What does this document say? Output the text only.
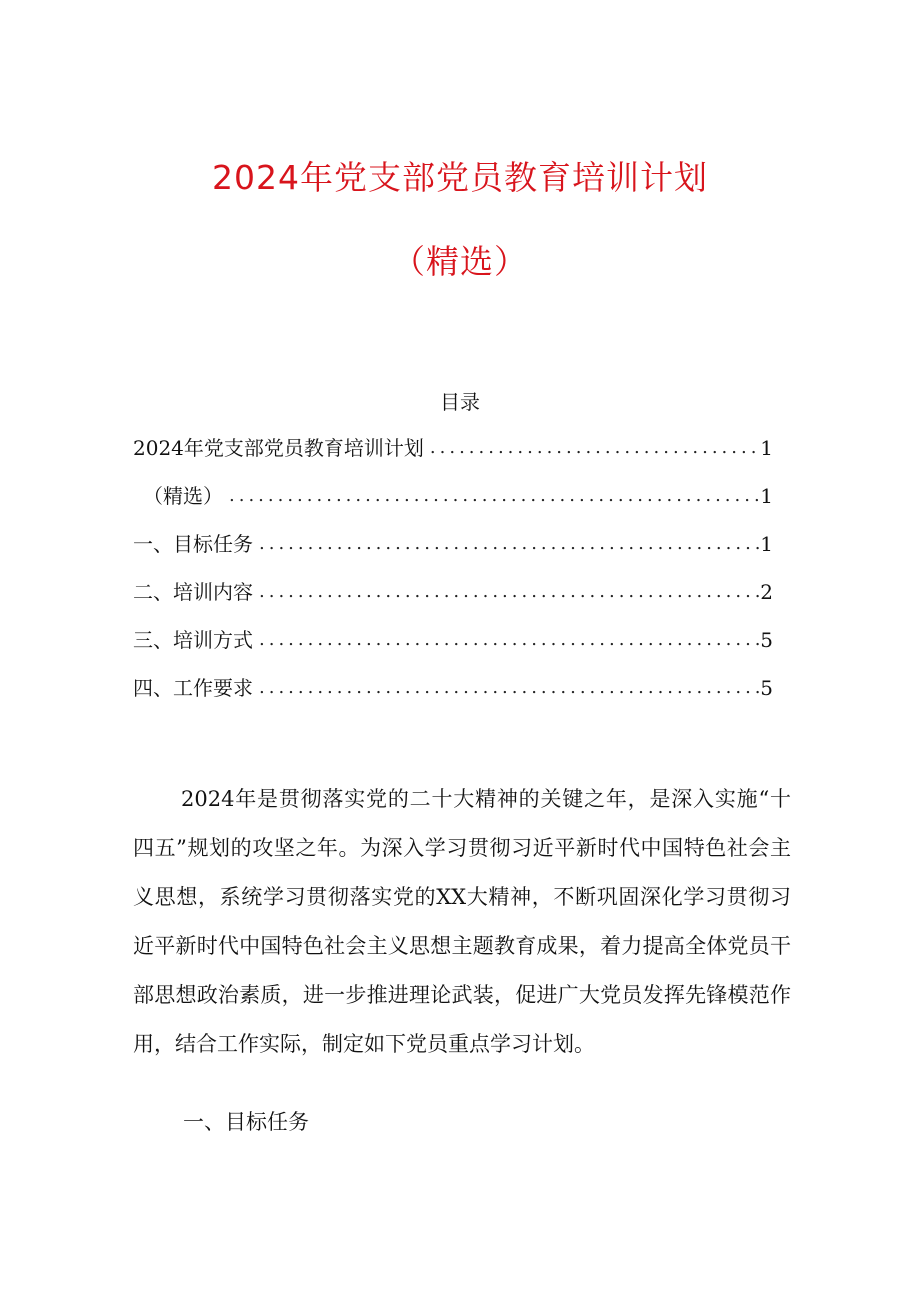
2024年党支部党员教育培训计划
（精选）
目录
2024年党支部党员教育培训计划 .....	1
（精选） .....	1
一、目标任务 .....	1
二、培训内容 .....	2
三、培训方式 .....	5
四、工作要求 .....	5

2024年是贯彻落实党的二十大精神的关键之年，是深入实施“十四五”规划的攻坚之年。为深入学习贯彻习近平新时代中国特色社会主义思想，系统学习贯彻落实党的XX大精神，不断巩固深化学习贯彻习近平新时代中国特色社会主义思想主题教育成果，着力提高全体党员干部思想政治素质，进一步推进理论武装，促进广大党员发挥先锋模范作用，结合工作实际，制定如下党员重点学习计划。

一、目标任务
